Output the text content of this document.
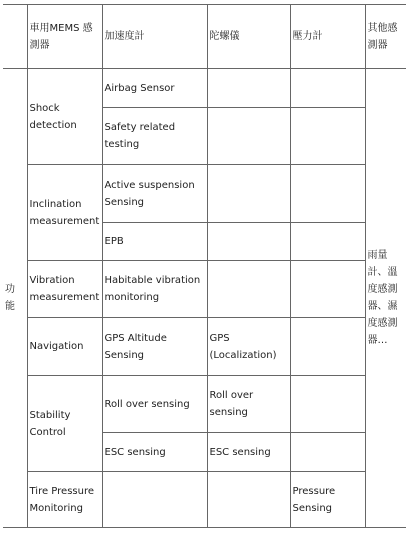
	車用MEMS 感測器	加速度計	陀螺儀	壓力計	其他感測器
功能	Shock detection	Airbag Sensor			雨量計、溫度感測器、濕度感測器…
		Safety related testing			
	Inclination measurement	Active suspension Sensing			
		EPB			
	Vibration measurement	Habitable vibration monitoring			
	Navigation	GPS Altitude Sensing	GPS (Localization)		
	Stability Control	Roll over sensing	Roll over sensing		
		ESC sensing	ESC sensing		
	Tire Pressure Monitoring			Pressure Sensing	
